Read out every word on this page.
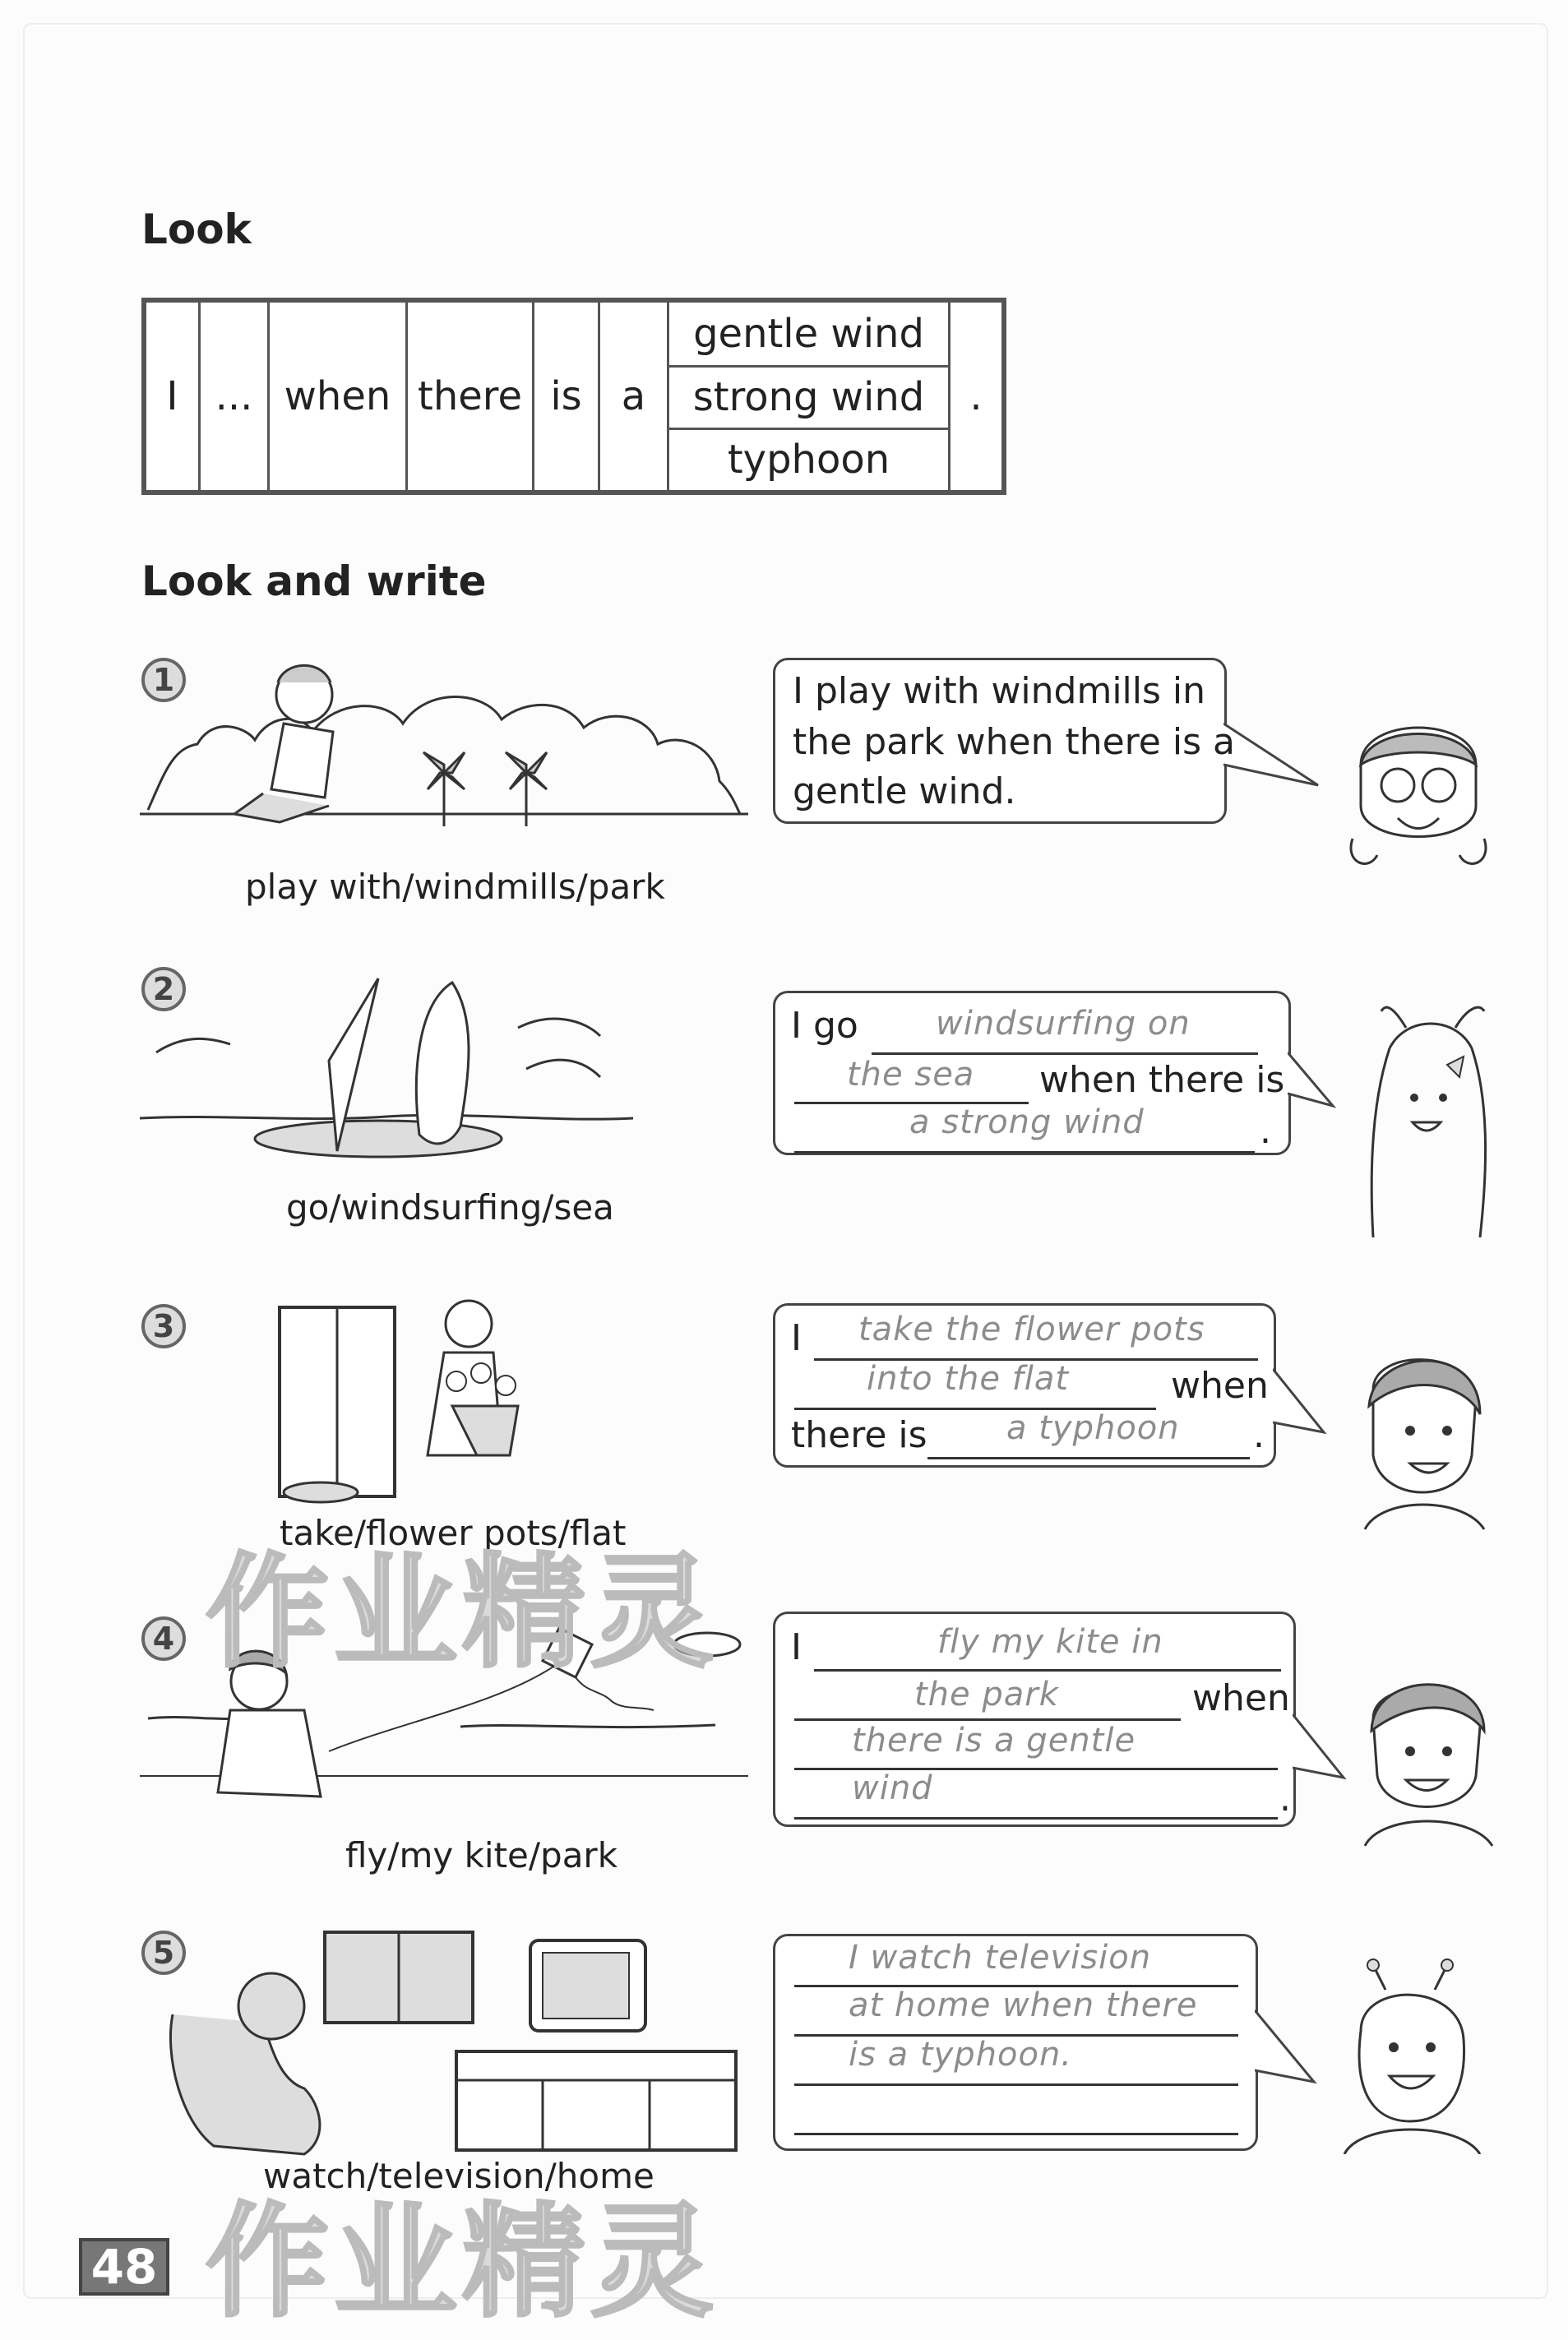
Look
Look and write
I ... when there is	a
gentle wind
strong wind
typhoon
.
1
play with/windmills/park
I play with windmills in
the park when there is a
gentle wind.
2
go/windsurfing/sea
I go windsurfing on
the sea when there is
a strong wind	.
3
take/flower pots/flat
I take the flower pots
into the flat	when
there is a typhoon .
4
fly/my kite/park
I	fly my kite in
the park	when
there is a gentle
wind	.
5
watch/television/home
I watch television
at home when there
is a typhoon.
作业精灵
作业精灵
48
